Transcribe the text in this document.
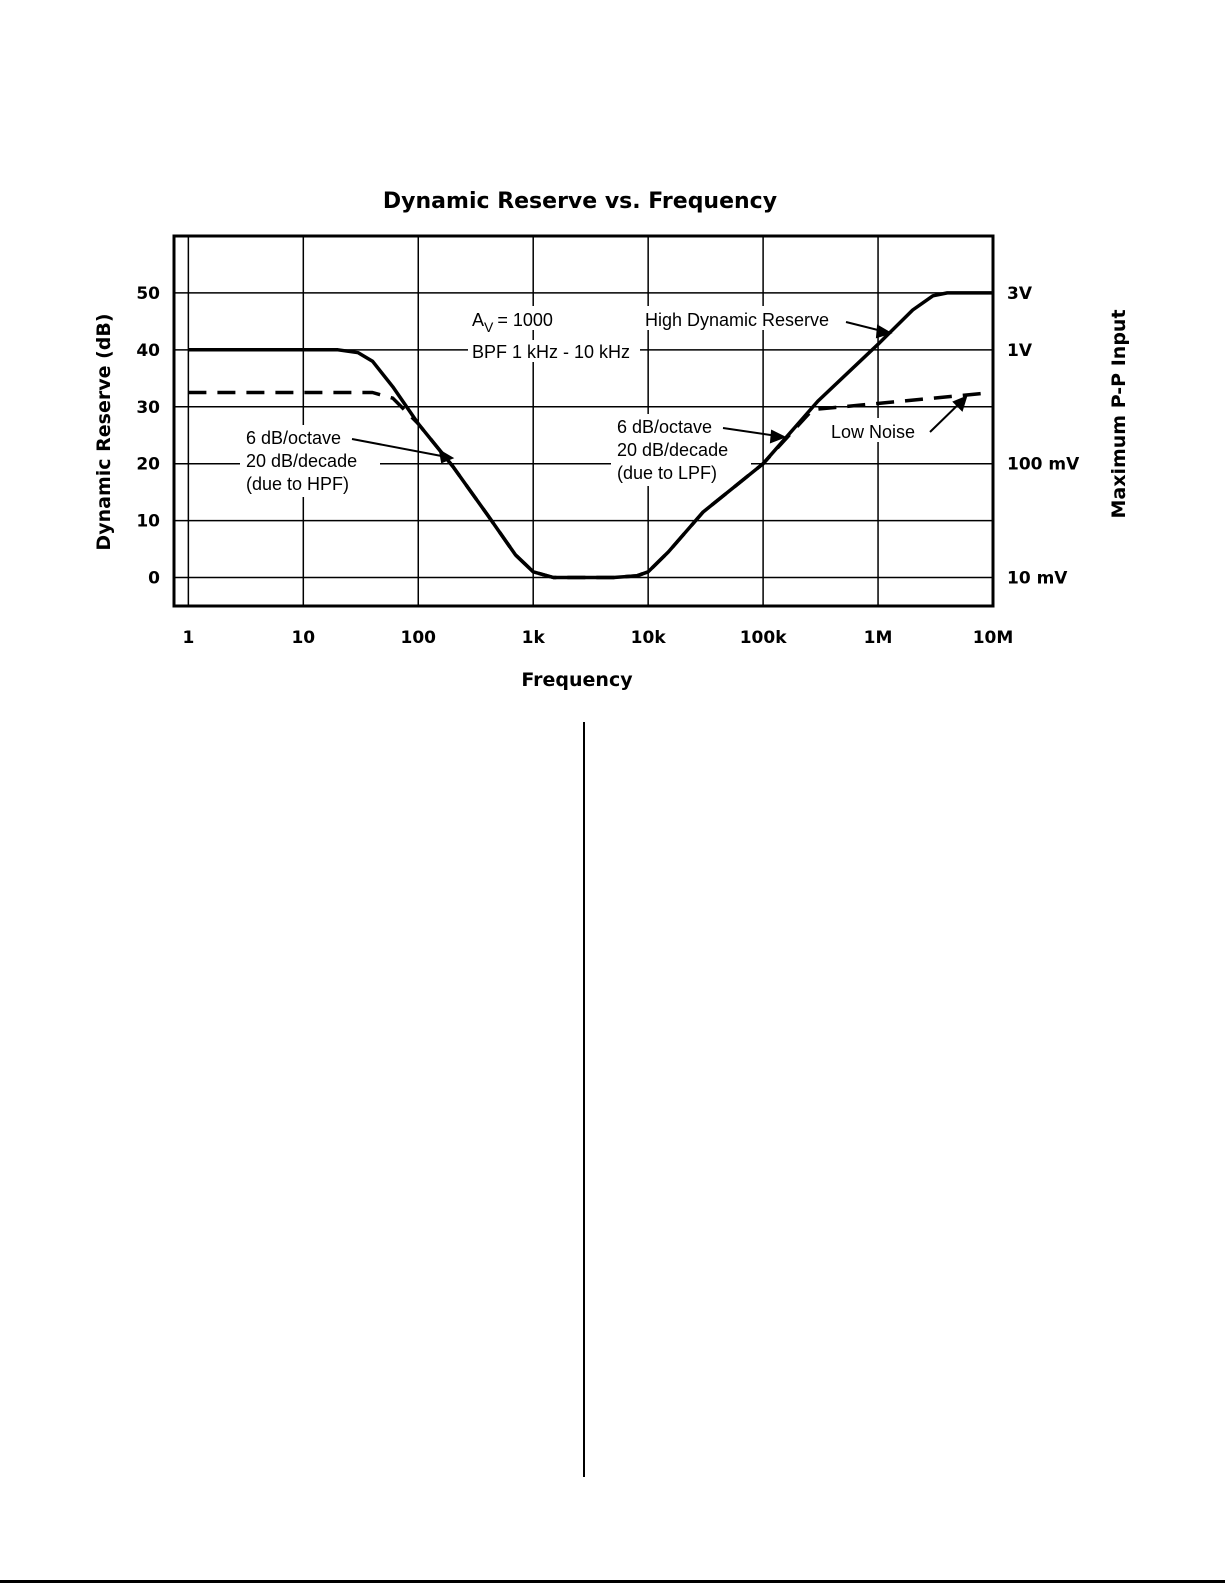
Dynamic Reserve vs. Frequency
$A_V = 1000$
BPF 1 kHz - 10 kHz
High Dynamic Reserve
Low Noise
6 dB/octave
20 dB/decade
(due to HPF)
6 dB/octave
20 dB/decade
(due to LPF)
1	10	100	1k	10k	100k	1M	10M
0
10
20
30
40
50	3V
1V
100 mV
10 mV
Frequency
Dynamic Reserve (dB)	Maximum P-P Input
